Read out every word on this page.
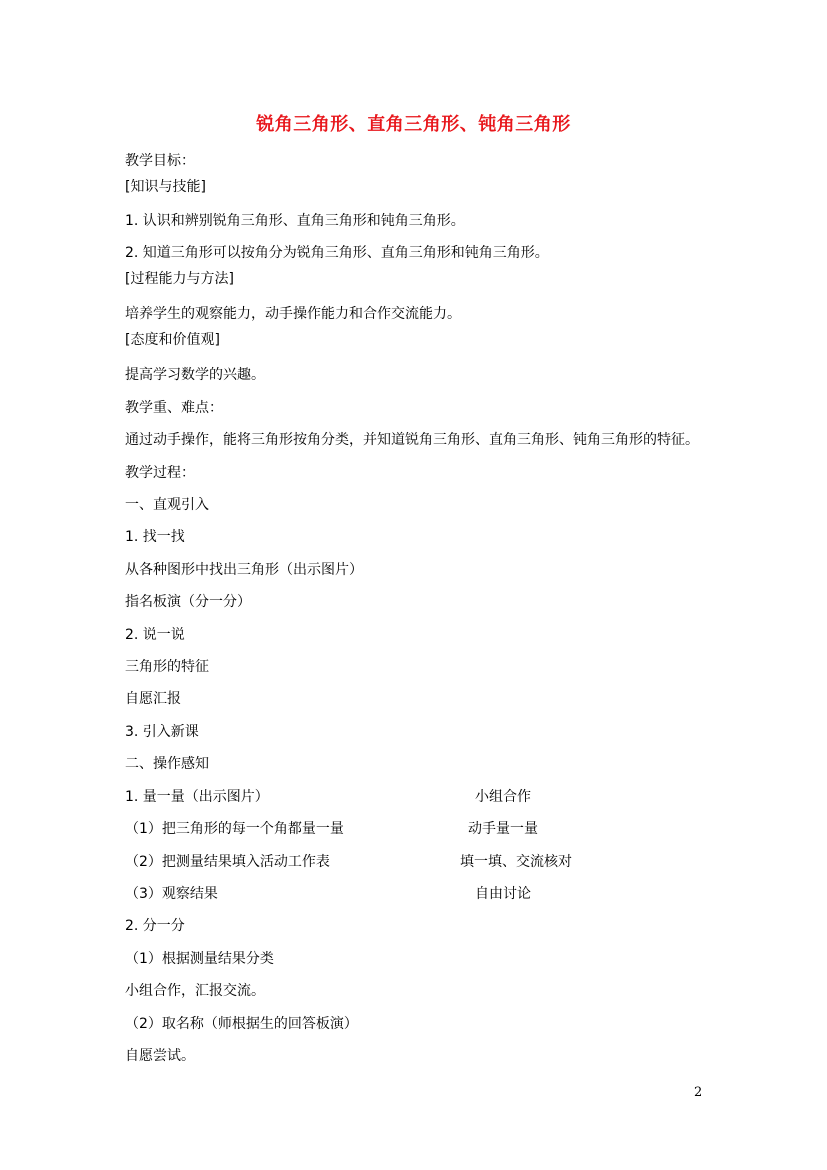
锐角三角形、直角三角形、钝角三角形
教学目标：
[知识与技能]
1. 认识和辨别锐角三角形、直角三角形和钝角三角形。
2. 知道三角形可以按角分为锐角三角形、直角三角形和钝角三角形。
[过程能力与方法]
培养学生的观察能力，动手操作能力和合作交流能力。
[态度和价值观]
提高学习数学的兴趣。
教学重、难点：
通过动手操作，能将三角形按角分类，并知道锐角三角形、直角三角形、钝角三角形的特征。
教学过程：
一、直观引入
1. 找一找
从各种图形中找出三角形（出示图片）
指名板演（分一分）
2. 说一说
三角形的特征
自愿汇报
3. 引入新课
二、操作感知
1. 量一量（出示图片）	小组合作
（1）把三角形的每一个角都量一量	动手量一量
（2）把测量结果填入活动工作表	填一填、交流核对
（3）观察结果	自由讨论
2. 分一分
（1）根据测量结果分类
小组合作，汇报交流。
（2）取名称（师根据生的回答板演）
自愿尝试。
2
